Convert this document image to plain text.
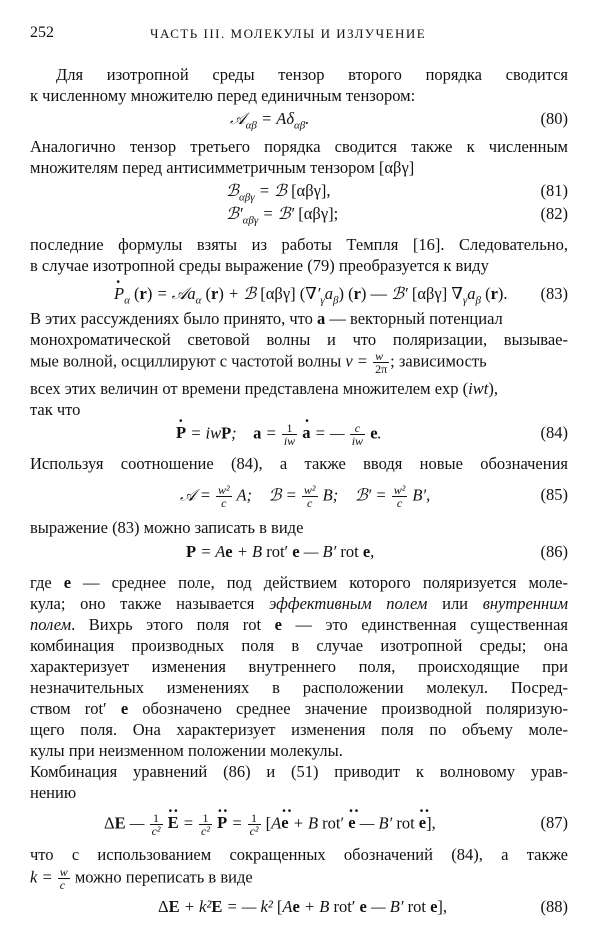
252	ЧАСТЬ III. МОЛЕКУЛЫ И ИЗЛУЧЕНИЕ
Для изотропной среды тензор второго порядка сводится
к численному множителю перед единичным тензором:
𝒜$_{\alpha\beta}$ = $A\delta_{\alpha\beta}$.	(80)
Аналогично тензор третьего порядка сводится также к численным
множителям перед антисимметричным тензором [αβγ]
ℬ$_{\alpha\beta\gamma}$ = ℬ [αβγ],	(81)
$ℬ'_{\alpha\beta\gamma}$ = ℬ′ [αβγ];	(82)
последние формулы взяты из работы Темпля [16]. Следовательно,
в случае изотропной среды выражение (79) преобразуется к виду
· $P_\alpha$ (r) = 𝒜a$_\alpha$ (r) + ℬ [αβγ] $(\nabla'_\gamma a_\beta)$ (r) — ℬ′ [αβγ] $\nabla_\gamma a_\beta$ (r). (83)
В этих рассуждениях было принято, что a — векторный потенциал
монохроматической световой волны и что поляризации, вызывае-
мые волной, осциллируют с частотой волны $\nu = \frac{w}{2\pi}$ ; зависимость
всех этих величин от времени представлена множителем exp (iwt),
так что
· P = iwP;    $a = \frac{1}{iw}$
· a = — $\frac{c}{iw} e$.	(84)
Используя соотношение (84), а также вводя новые обозначения
𝒜 = $\frac{\text{w²}}{c} A$;    ℬ = $\frac{\text{w²}}{c} B$;    ℬ′ = $\frac{\text{w²}}{c} B'$,	(85)
выражение (83) можно записать в виде
P = Ae + B rot′ e — B′ rot e,	(86)
где e — среднее поле, под действием которого поляризуется моле-
кула; оно также называется эффективным полем или внутренним
полем. Вихрь этого поля rot e — это единственная существенная
комбинация производных поля в случае изотропной среды; она
характеризует изменения внутреннего поля, происходящие при
незначительных изменениях в расположении молекул. Посред-
ством rot′ e обозначено среднее значение производной поляризую-
щего поля. Она характеризует изменения поля по объему моле-
кулы при неизменном положении молекулы.
Комбинация уравнений (86) и (51) приводит к волновому урав-
нению
ΔE — $\frac{1}{\text{c²}}$
·· $E = \frac{1}{\text{c²}}$
·· $P = \frac{1}{\text{c²}} [A\cdot\cdot e + B$ rot′ ·· e — B′ rot ·· e],	(87)
что с использованием сокращенных обозначений (84), а также
$k = \frac{w}{c}$ можно переписать в виде
ΔE + k²E = — k² [Ae + B rot′ e — B′ rot e],	(88)
